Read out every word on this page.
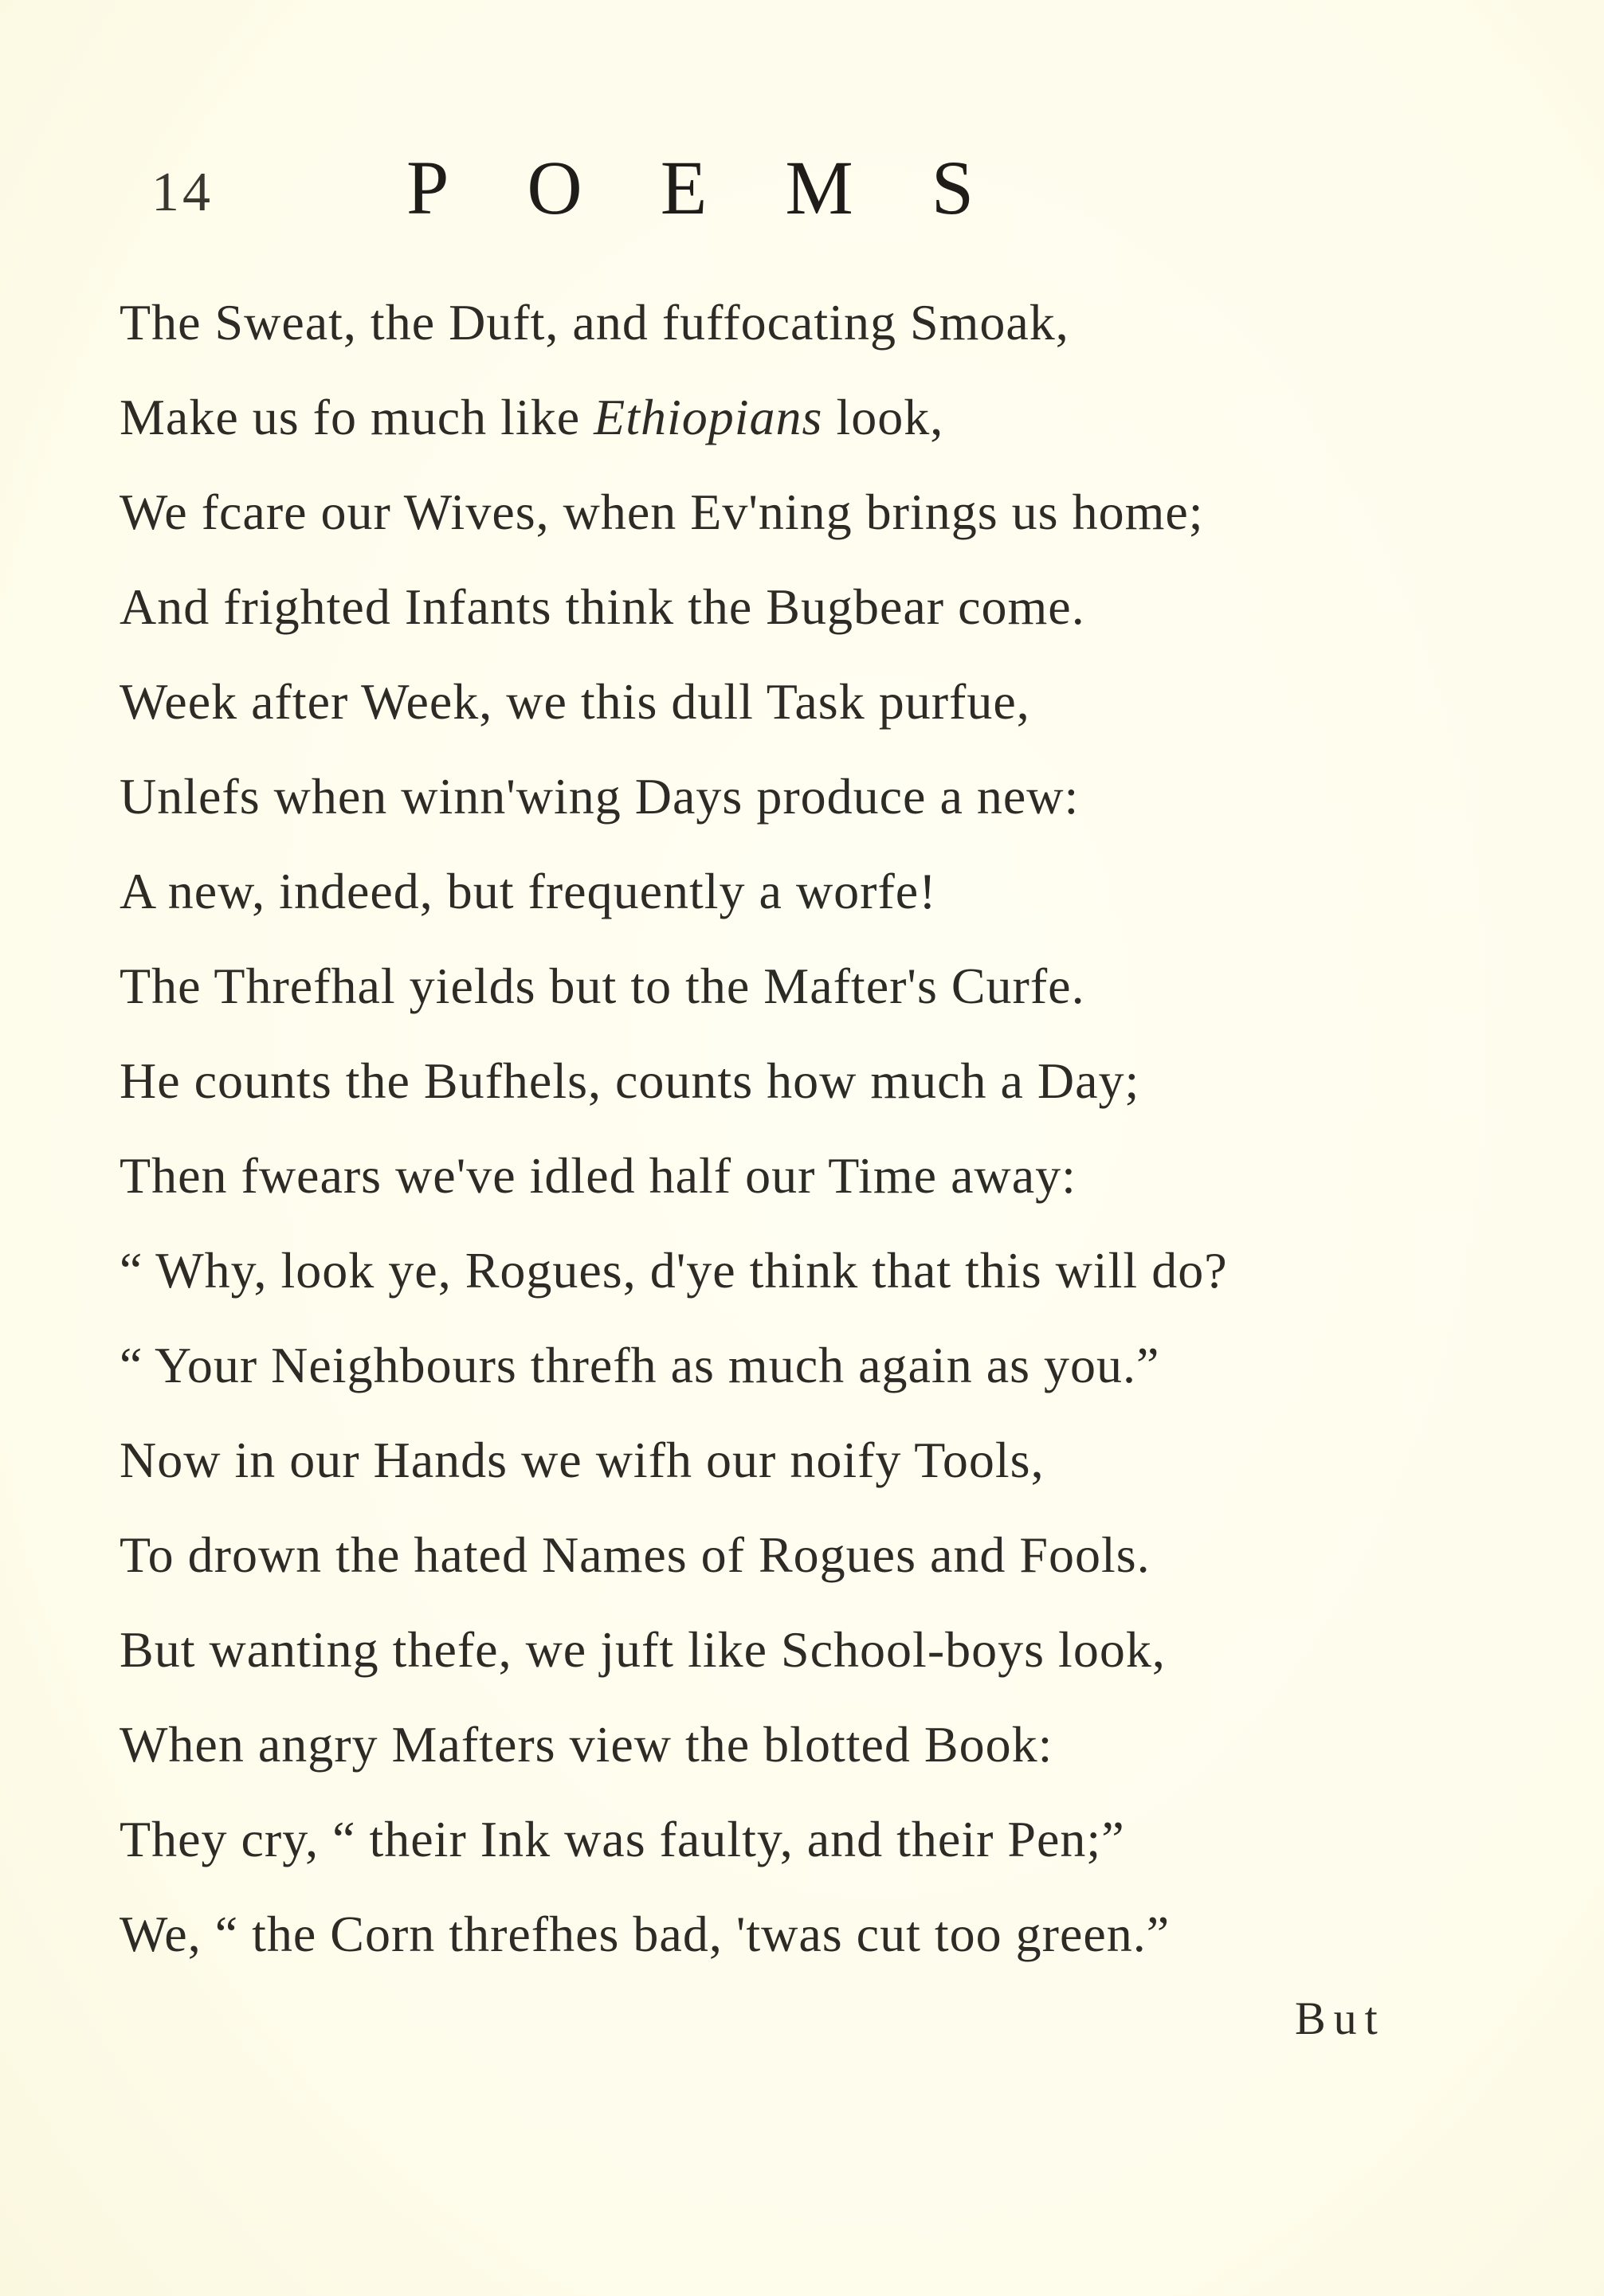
14	POEMS
The Sweat, the Duft, and fuffocating Smoak,
Make us fo much like Ethiopians look,
We fcare our Wives, when Ev'ning brings us home;
And frighted Infants think the Bugbear come.
Week after Week, we this dull Task purfue,
Unlefs when winn'wing Days produce a new:
A new, indeed, but frequently a worfe!
The Threfhal yields but to the Mafter's Curfe.
He counts the Bufhels, counts how much a Day;
Then fwears we've idled half our Time away:
“ Why, look ye, Rogues, d'ye think that this will do?
“ Your Neighbours threfh as much again as you.”
Now in our Hands we wifh our noify Tools,
To drown the hated Names of Rogues and Fools.
But wanting thefe, we juft like School-boys look,
When angry Mafters view the blotted Book:
They cry, “ their Ink was faulty, and their Pen;”
We, “ the Corn threfhes bad, 'twas cut too green.”
But
